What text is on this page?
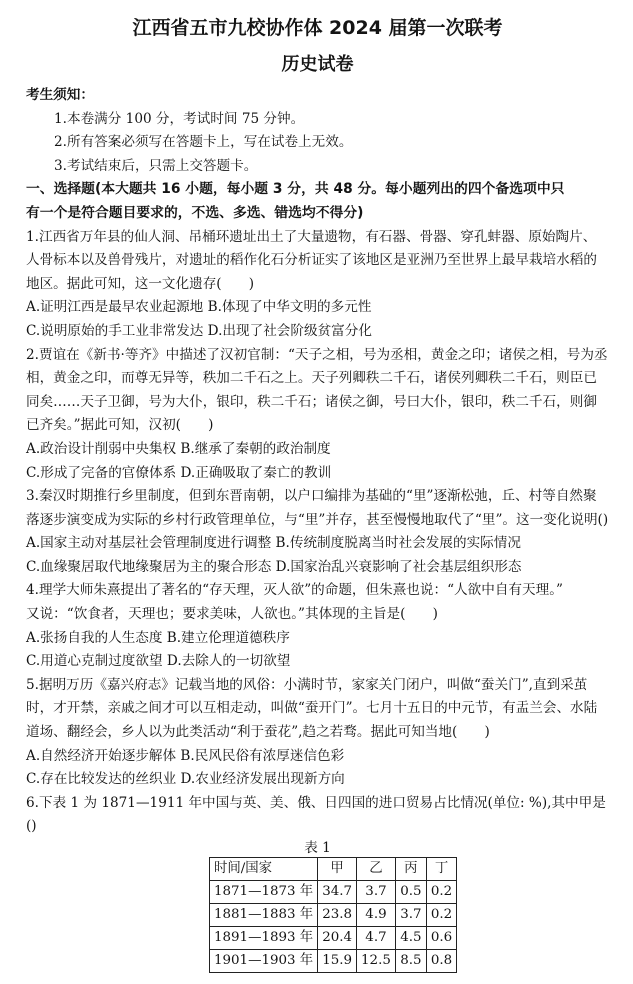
江西省五市九校协作体 2024 届第一次联考
历史试卷

考生须知：

1.本卷满分 100 分，考试时间 75 分钟。

2.所有答案必须写在答题卡上，写在试卷上无效。

3.考试结束后，只需上交答题卡。

一、选择题(本大题共 16 小题，每小题 3 分，共 48 分。每小题列出的四个备选项中只

有一个是符合题目要求的，不选、多选、错选均不得分)

1.江西省万年县的仙人洞、吊桶环遗址出土了大量遗物，有石器、骨器、穿孔蚌器、原始陶片、人骨标本以及兽骨残片，对遗址的稻作化石分析证实了该地区是亚洲乃至世界上最早栽培水稻的地区。据此可知，这一文化遗存(　　)

A.证明江西是最早农业起源地 B.体现了中华文明的多元性

C.说明原始的手工业非常发达 D.出现了社会阶级贫富分化

2.贾谊在《新书·等齐》中描述了汉初官制：“天子之相，号为丞相，黄金之印；诸侯之相，号为丞相，黄金之印，而尊无异等，秩加二千石之上。天子列卿秩二千石，诸侯列卿秩二千石，则臣已同矣……天子卫御，号为大仆，银印，秩二千石；诸侯之御，号曰大仆，银印，秩二千石，则御已齐矣。”据此可知，汉初(　　)

A.政治设计削弱中央集权 B.继承了秦朝的政治制度

C.形成了完备的官僚体系 D.正确吸取了秦亡的教训

3.秦汉时期推行乡里制度，但到东晋南朝，以户口编排为基础的“里”逐渐松弛，丘、村等自然聚落逐步演变成为实际的乡村行政管理单位，与“里”并存，甚至慢慢地取代了“里”。这一变化说明()

A.国家主动对基层社会管理制度进行调整 B.传统制度脱离当时社会发展的实际情况

C.血缘聚居取代地缘聚居为主的聚合形态 D.国家治乱兴衰影响了社会基层组织形态

4.理学大师朱熹提出了著名的“存天理，灭人欲”的命题，但朱熹也说：“人欲中自有天理。”

又说：“饮食者，天理也；要求美味，人欲也。”其体现的主旨是(　　)

A.张扬自我的人生态度 B.建立伦理道德秩序

C.用道心克制过度欲望 D.去除人的一切欲望

5.据明万历《嘉兴府志》记载当地的风俗：小满时节，家家关门闭户，叫做“蚕关门”,直到采茧时，才开禁，亲戚之间才可以互相走动，叫做“蚕开门”。七月十五日的中元节，有盂兰会、水陆道场、翻经会，乡人以为此类活动“利于蚕花”,趋之若骛。据此可知当地(　　)

A.自然经济开始逐步解体 B.民风民俗有浓厚迷信色彩

C.存在比较发达的丝织业 D.农业经济发展出现新方向

6.下表 1 为 1871—1911 年中国与英、美、俄、日四国的进口贸易占比情况(单位: %),其中甲是()

表 1
时间/国家	甲	乙	丙	丁
1871—1873 年	34.7	3.7	0.5	0.2
1881—1883 年	23.8	4.9	3.7	0.2
1891—1893 年	20.4	4.7	4.5	0.6
1901—1903 年	15.9	12.5	8.5	0.8
